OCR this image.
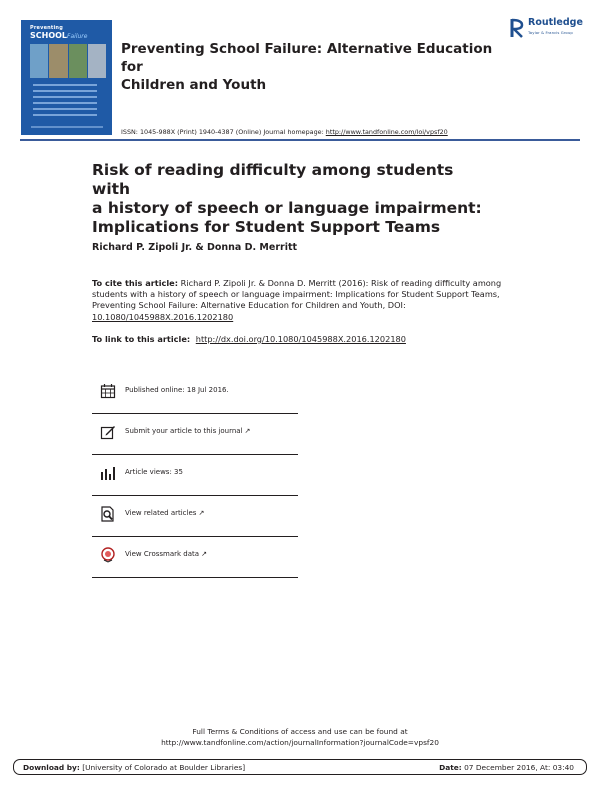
Preventing
SCHOOLFailure
Preventing School Failure: Alternative Education for
Children and Youth
Routledge
Taylor & Francis Group
ISSN: 1045-988X (Print) 1940-4387 (Online) Journal homepage: http://www.tandfonline.com/loi/vpsf20
Risk of reading difficulty among students with
a history of speech or language impairment:
Implications for Student Support Teams
Richard P. Zipoli Jr. & Donna D. Merritt
To cite this article: Richard P. Zipoli Jr. & Donna D. Merritt (2016): Risk of reading difficulty among students with a history of speech or language impairment: Implications for Student Support Teams, Preventing School Failure: Alternative Education for Children and Youth, DOI: 10.1080/1045988X.2016.1202180
To link to this article: http://dx.doi.org/10.1080/1045988X.2016.1202180
Published online: 18 Jul 2016.
Submit your article to this journal ↗
Article views: 35
View related articles ↗
View Crossmark data ↗
Full Terms & Conditions of access and use can be found at
http://www.tandfonline.com/action/journalInformation?journalCode=vpsf20
Download by: [University of Colorado at Boulder Libraries]	Date: 07 December 2016, At: 03:40
